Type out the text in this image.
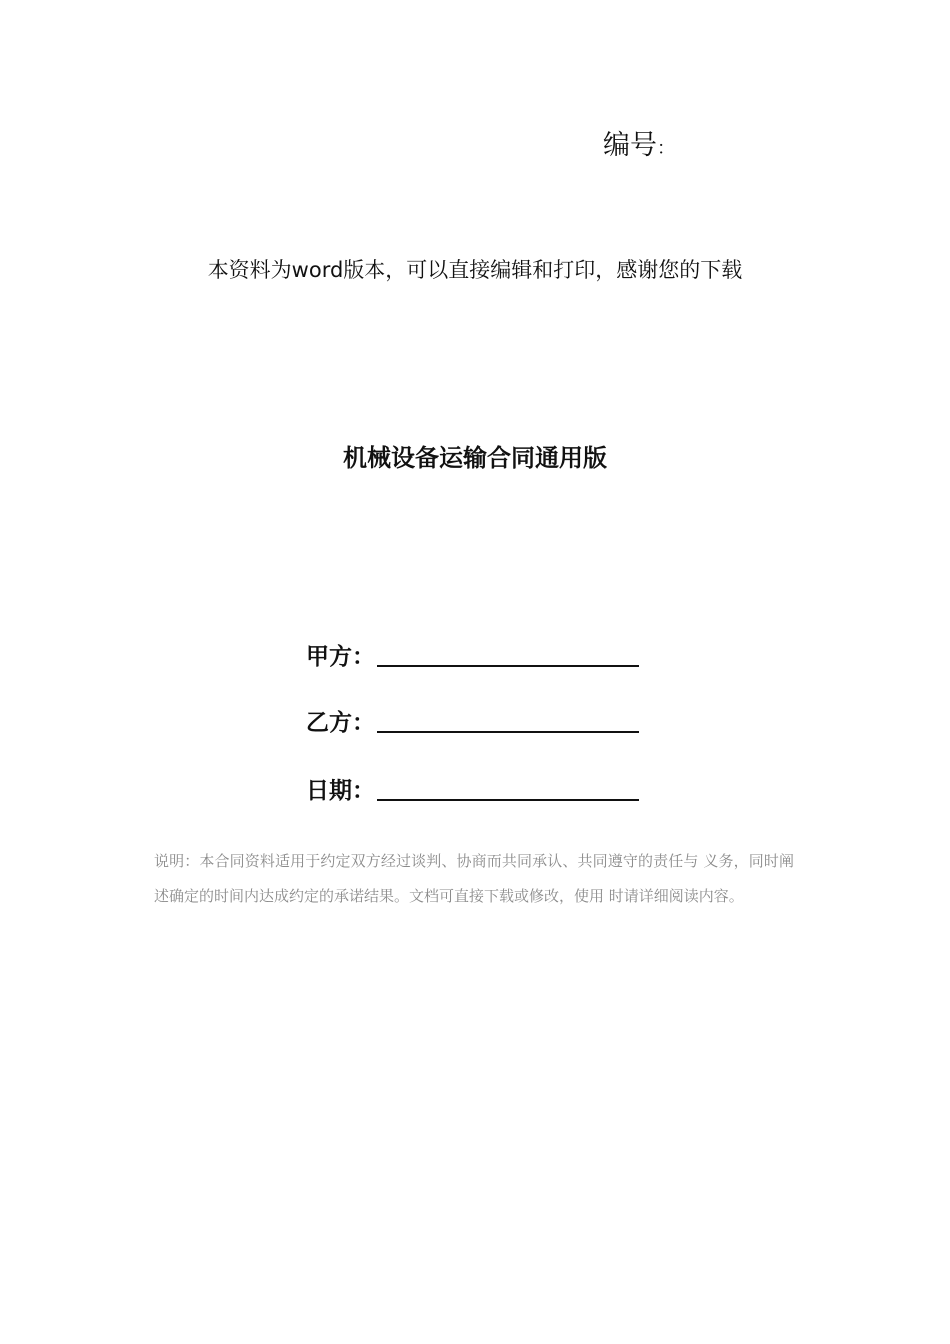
编号：
本资料为word版本，可以直接编辑和打印，感谢您的下载
机械设备运输合同通用版
甲方：
乙方：
日期：
说明：本合同资料适用于约定双方经过谈判、协商而共同承认、共同遵守的责任与 义务，同时阐述确定的时间内达成约定的承诺结果。文档可直接下载或修改，使用 时请详细阅读内容。
